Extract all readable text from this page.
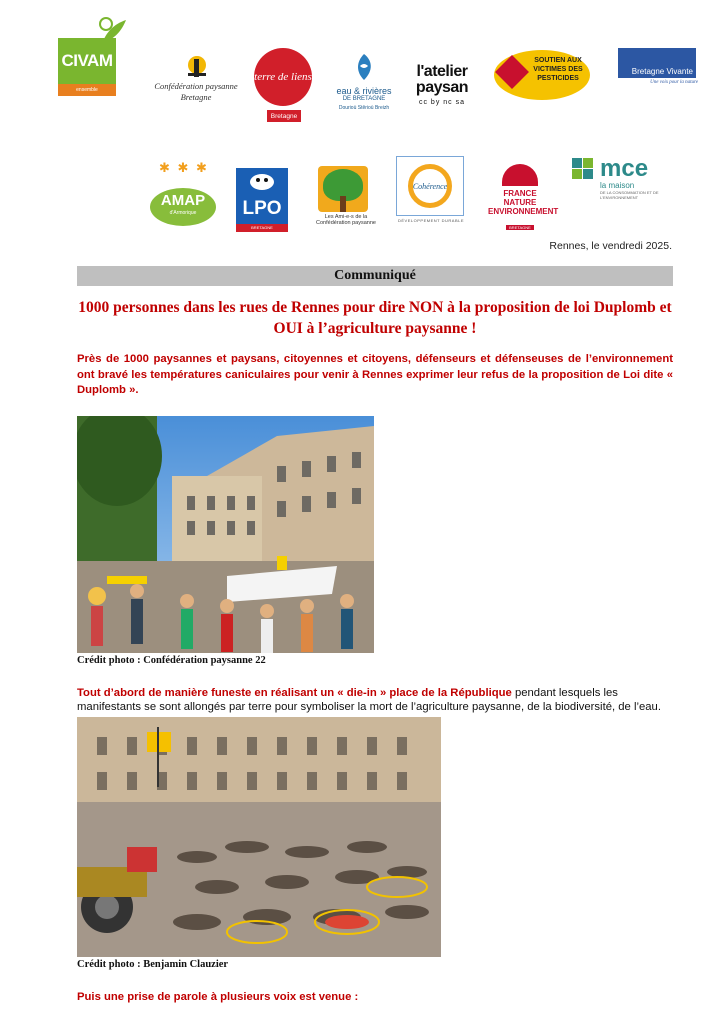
CIVAM
ensemble	Confédération paysanne
Bretagne
terre de liens
Bretagne
eau & rivières
DE BRETAGNE
Dourioù Stêrioù Breizh
l'atelier
paysan
cc by nc sa
SOUTIEN AUX VICTIMES DES PESTICIDES
Bretagne Vivante
Une voix pour la nature
✱ ✱ ✱
AMAP
d'Armorique	LPO
BRETAGNE
Les Ami-e-s de la Confédération paysanne
Cohérence
DÉVELOPPEMENT DURABLE
FRANCE NATURE
ENVIRONNEMENT
BRETAGNE
mce
la maison
DE LA CONSOMMATION ET DE L'ENVIRONNEMENT
Rennes, le vendredi 2025.
Communiqué
1000 personnes dans les rues de Rennes pour dire NON à la proposition de loi Duplomb et OUI à l’agriculture paysanne !
Près de 1000 paysannes et paysans, citoyennes et citoyens, défenseurs et défenseuses de l’environnement ont bravé les températures caniculaires pour venir à Rennes exprimer leur refus de la proposition de Loi dite « Duplomb ».
Crédit photo : Confédération paysanne 22
Tout d’abord de manière funeste en réalisant un « die-in » place de la République pendant lesquels les manifestants se sont allongés par terre pour symboliser la mort de l’agriculture paysanne, de la biodiversité, de l’eau.
Crédit photo : Benjamin Clauzier
Puis une prise de parole à plusieurs voix est venue :
